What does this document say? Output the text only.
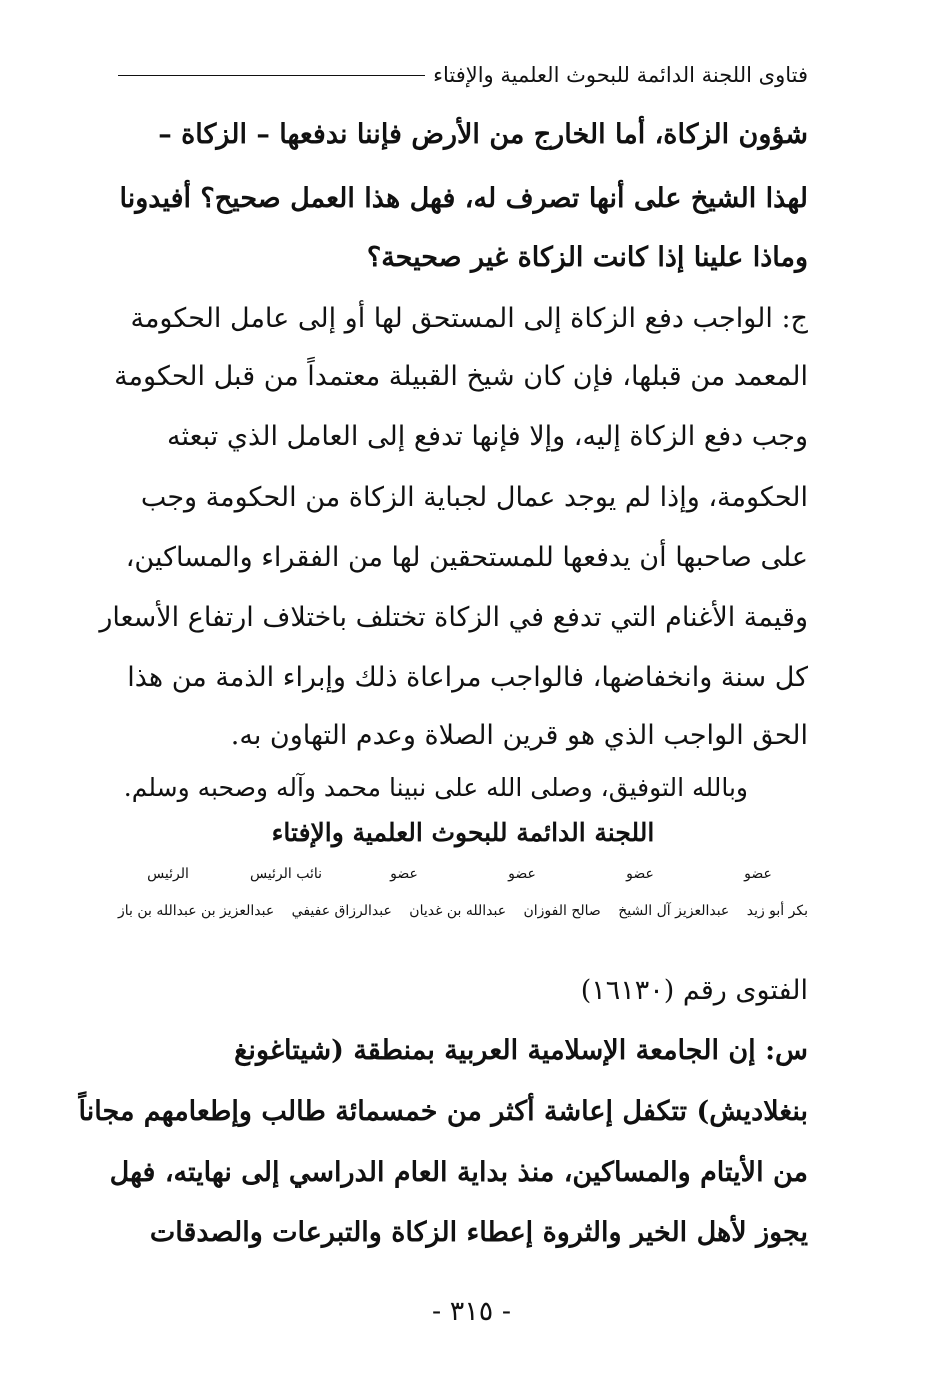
فتاوى اللجنة الدائمة للبحوث العلمية والإفتاء
شؤون الزكاة، أما الخارج من الأرض فإننا ندفعها – الزكاة –
لهذا الشيخ على أنها تصرف له، فهل هذا العمل صحيح؟ أفيدونا
وماذا علينا إذا كانت الزكاة غير صحيحة؟
ج: الواجب دفع الزكاة إلى المستحق لها أو إلى عامل الحكومة
المعمد من قبلها، فإن كان شيخ القبيلة معتمداً من قبل الحكومة
وجب دفع الزكاة إليه، وإلا فإنها تدفع إلى العامل الذي تبعثه
الحكومة، وإذا لم يوجد عمال لجباية الزكاة من الحكومة وجب
على صاحبها أن يدفعها للمستحقين لها من الفقراء والمساكين،
وقيمة الأغنام التي تدفع في الزكاة تختلف باختلاف ارتفاع الأسعار
كل سنة وانخفاضها، فالواجب مراعاة ذلك وإبراء الذمة من هذا
الحق الواجب الذي هو قرين الصلاة وعدم التهاون به.
وبالله التوفيق، وصلى الله على نبينا محمد وآله وصحبه وسلم.
اللجنة الدائمة للبحوث العلمية والإفتاء
عضو
عضو
عضو
عضو
نائب الرئيس
الرئيس
بكر أبو زيد
عبدالعزيز آل الشيخ
صالح الفوزان
عبدالله بن غديان
عبدالرزاق عفيفي
عبدالعزيز بن عبدالله بن باز
الفتوى رقم (١٦١٣٠)
س: إن الجامعة الإسلامية العربية بمنطقة (شيتاغونغ
بنغلاديش) تتكفل إعاشة أكثر من خمسمائة طالب وإطعامهم مجاناً
من الأيتام والمساكين، منذ بداية العام الدراسي إلى نهايته، فهل
يجوز لأهل الخير والثروة إعطاء الزكاة والتبرعات والصدقات
- ٣١٥ -
